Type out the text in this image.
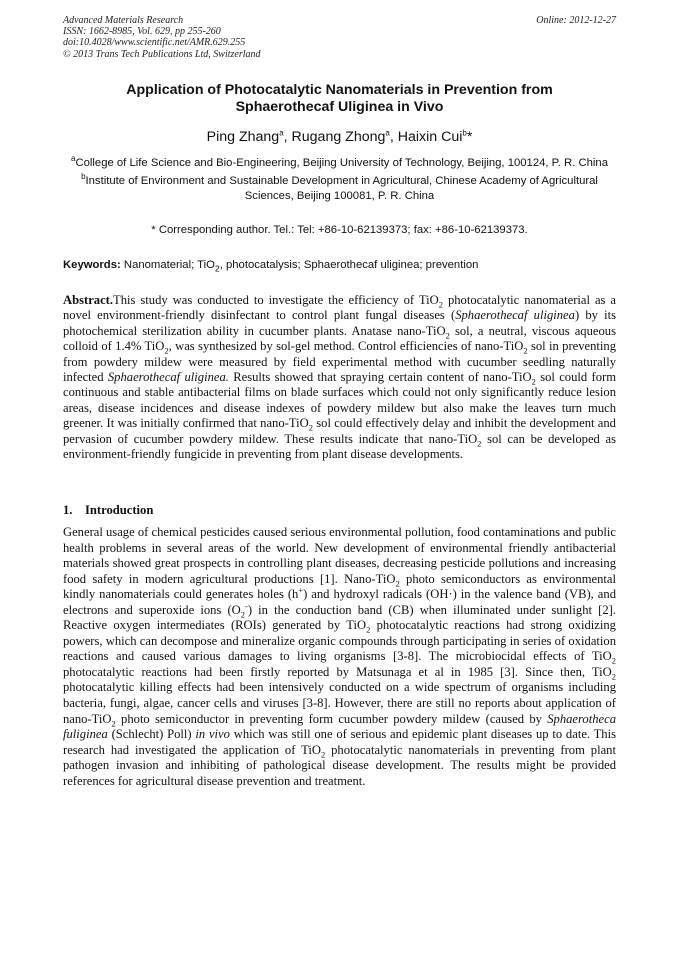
Advanced Materials Research
ISSN: 1662-8985, Vol. 629, pp 255-260
doi:10.4028/www.scientific.net/AMR.629.255
© 2013 Trans Tech Publications Ltd, Switzerland
Online: 2012-12-27
Application of Photocatalytic Nanomaterials in Prevention from
Sphaerothecaf Uliginea in Vivo
Ping Zhang$^a$, Rugang Zhong$^a$, Haixin Cui$^b$*
$^a$College of Life Science and Bio-Engineering, Beijing University of Technology, Beijing, 100124, P. R. China
$^b$Institute of Environment and Sustainable Development in Agricultural, Chinese Academy of Agricultural Sciences, Beijing 100081, P. R. China
* Corresponding author. Tel.: Tel: +86-10-62139373; fax: +86-10-62139373.
Keywords: Nanomaterial; TiO$_2$, photocatalysis; Sphaerothecaf uliginea; prevention
Abstract.This study was conducted to investigate the efficiency of TiO$_2$ photocatalytic nanomaterial as a novel environment-friendly disinfectant to control plant fungal diseases (Sphaerothecaf uliginea) by its photochemical sterilization ability in cucumber plants. Anatase nano-TiO$_2$ sol, a neutral, viscous aqueous colloid of 1.4% TiO$_2$, was synthesized by sol-gel method. Control efficiencies of nano-TiO$_2$ sol in preventing from powdery mildew were measured by field experimental method with cucumber seedling naturally infected Sphaerothecaf uliginea. Results showed that spraying certain content of nano-TiO$_2$ sol could form continuous and stable antibacterial films on blade surfaces which could not only significantly reduce lesion areas, disease incidences and disease indexes of powdery mildew but also make the leaves turn much greener. It was initially confirmed that nano-TiO$_2$ sol could effectively delay and inhibit the development and pervasion of cucumber powdery mildew. These results indicate that nano-TiO$_2$ sol can be developed as environment-friendly fungicide in preventing from plant disease developments.
1. Introduction
General usage of chemical pesticides caused serious environmental pollution, food contaminations and public health problems in several areas of the world. New development of environmental friendly antibacterial materials showed great prospects in controlling plant diseases, decreasing pesticide pollutions and increasing food safety in modern agricultural productions [1]. Nano-TiO$_2$ photo semiconductors as environmental kindly nanomaterials could generates holes (h+) and hydroxyl radicals (OH·) in the valence band (VB), and electrons and superoxide ions $(O_2^-)$ in the conduction band (CB) when illuminated under sunlight [2]. Reactive oxygen intermediates (ROIs) generated by TiO$_2$ photocatalytic reactions had strong oxidizing powers, which can decompose and mineralize organic compounds through participating in series of oxidation reactions and caused various damages to living organisms [3-8]. The microbiocidal effects of TiO$_2$ photocatalytic reactions had been firstly reported by Matsunaga et al in 1985 [3]. Since then, TiO$_2$ photocatalytic killing effects had been intensively conducted on a wide spectrum of organisms including bacteria, fungi, algae, cancer cells and viruses [3-8]. However, there are still no reports about application of nano-TiO$_2$ photo semiconductor in preventing form cucumber powdery mildew (caused by Sphaerotheca fuliginea (Schlecht) Poll) in vivo which was still one of serious and epidemic plant diseases up to date. This research had investigated the application of TiO$_2$ photocatalytic nanomaterials in preventing from plant pathogen invasion and inhibiting of pathological disease development. The results might be provided references for agricultural disease prevention and treatment.
